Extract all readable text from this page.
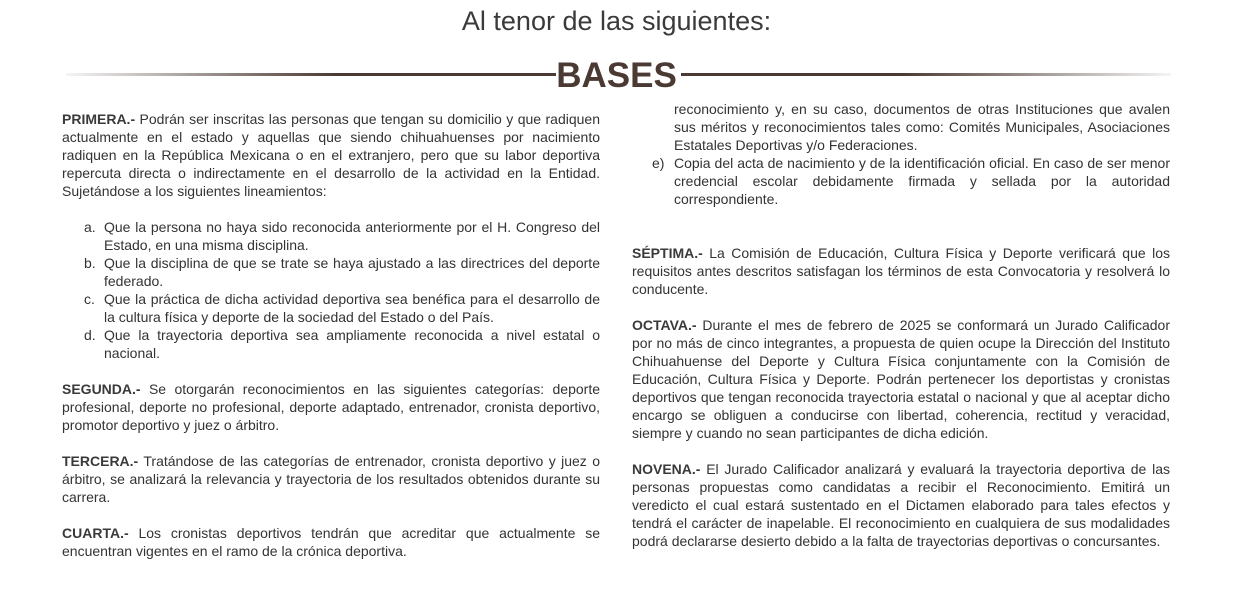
Al tenor de las siguientes:
BASES

PRIMERA.- Podrán ser inscritas las personas que tengan su domicilio y que radiquen actualmente en el estado y aquellas que siendo chihuahuenses por nacimiento radiquen en la República Mexicana o en el extranjero, pero que su labor deportiva repercuta directa o indirectamente en el desarrollo de la actividad en la Entidad. Sujetándose a los siguientes lineamientos:

a. Que la persona no haya sido reconocida anteriormente por el H. Congreso del Estado, en una misma disciplina.
b. Que la disciplina de que se trate se haya ajustado a las directrices del deporte federado.
c. Que la práctica de dicha actividad deportiva sea benéfica para el desarrollo de la cultura física y deporte de la sociedad del Estado o del País.
d. Que la trayectoria deportiva sea ampliamente reconocida a nivel estatal o nacional.

SEGUNDA.- Se otorgarán reconocimientos en las siguientes categorías: deporte profesional, deporte no profesional, deporte adaptado, entrenador, cronista deportivo, promotor deportivo y juez o árbitro.

TERCERA.- Tratándose de las categorías de entrenador, cronista deportivo y juez o árbitro, se analizará la relevancia y trayectoria de los resultados obtenidos durante su carrera.

CUARTA.- Los cronistas deportivos tendrán que acreditar que actualmente se encuentran vigentes en el ramo de la crónica deportiva.

reconocimiento y, en su caso, documentos de otras Instituciones que avalen sus méritos y reconocimientos tales como: Comités Municipales, Asociaciones Estatales Deportivas y/o Federaciones.

e) Copia del acta de nacimiento y de la identificación oficial. En caso de ser menor credencial escolar debidamente firmada y sellada por la autoridad correspondiente.

SÉPTIMA.- La Comisión de Educación, Cultura Física y Deporte verificará que los requisitos antes descritos satisfagan los términos de esta Convocatoria y resolverá lo conducente.

OCTAVA.- Durante el mes de febrero de 2025 se conformará un Jurado Calificador por no más de cinco integrantes, a propuesta de quien ocupe la Dirección del Instituto Chihuahuense del Deporte y Cultura Física conjuntamente con la Comisión de Educación, Cultura Física y Deporte. Podrán pertenecer los deportistas y cronistas deportivos que tengan reconocida trayectoria estatal o nacional y que al aceptar dicho encargo se obliguen a conducirse con libertad, coherencia, rectitud y veracidad, siempre y cuando no sean participantes de dicha edición.

NOVENA.- El Jurado Calificador analizará y evaluará la trayectoria deportiva de las personas propuestas como candidatas a recibir el Reconocimiento. Emitirá un veredicto el cual estará sustentado en el Dictamen elaborado para tales efectos y tendrá el carácter de inapelable. El reconocimiento en cualquiera de sus modalidades podrá declararse desierto debido a la falta de trayectorias deportivas o concursantes.
